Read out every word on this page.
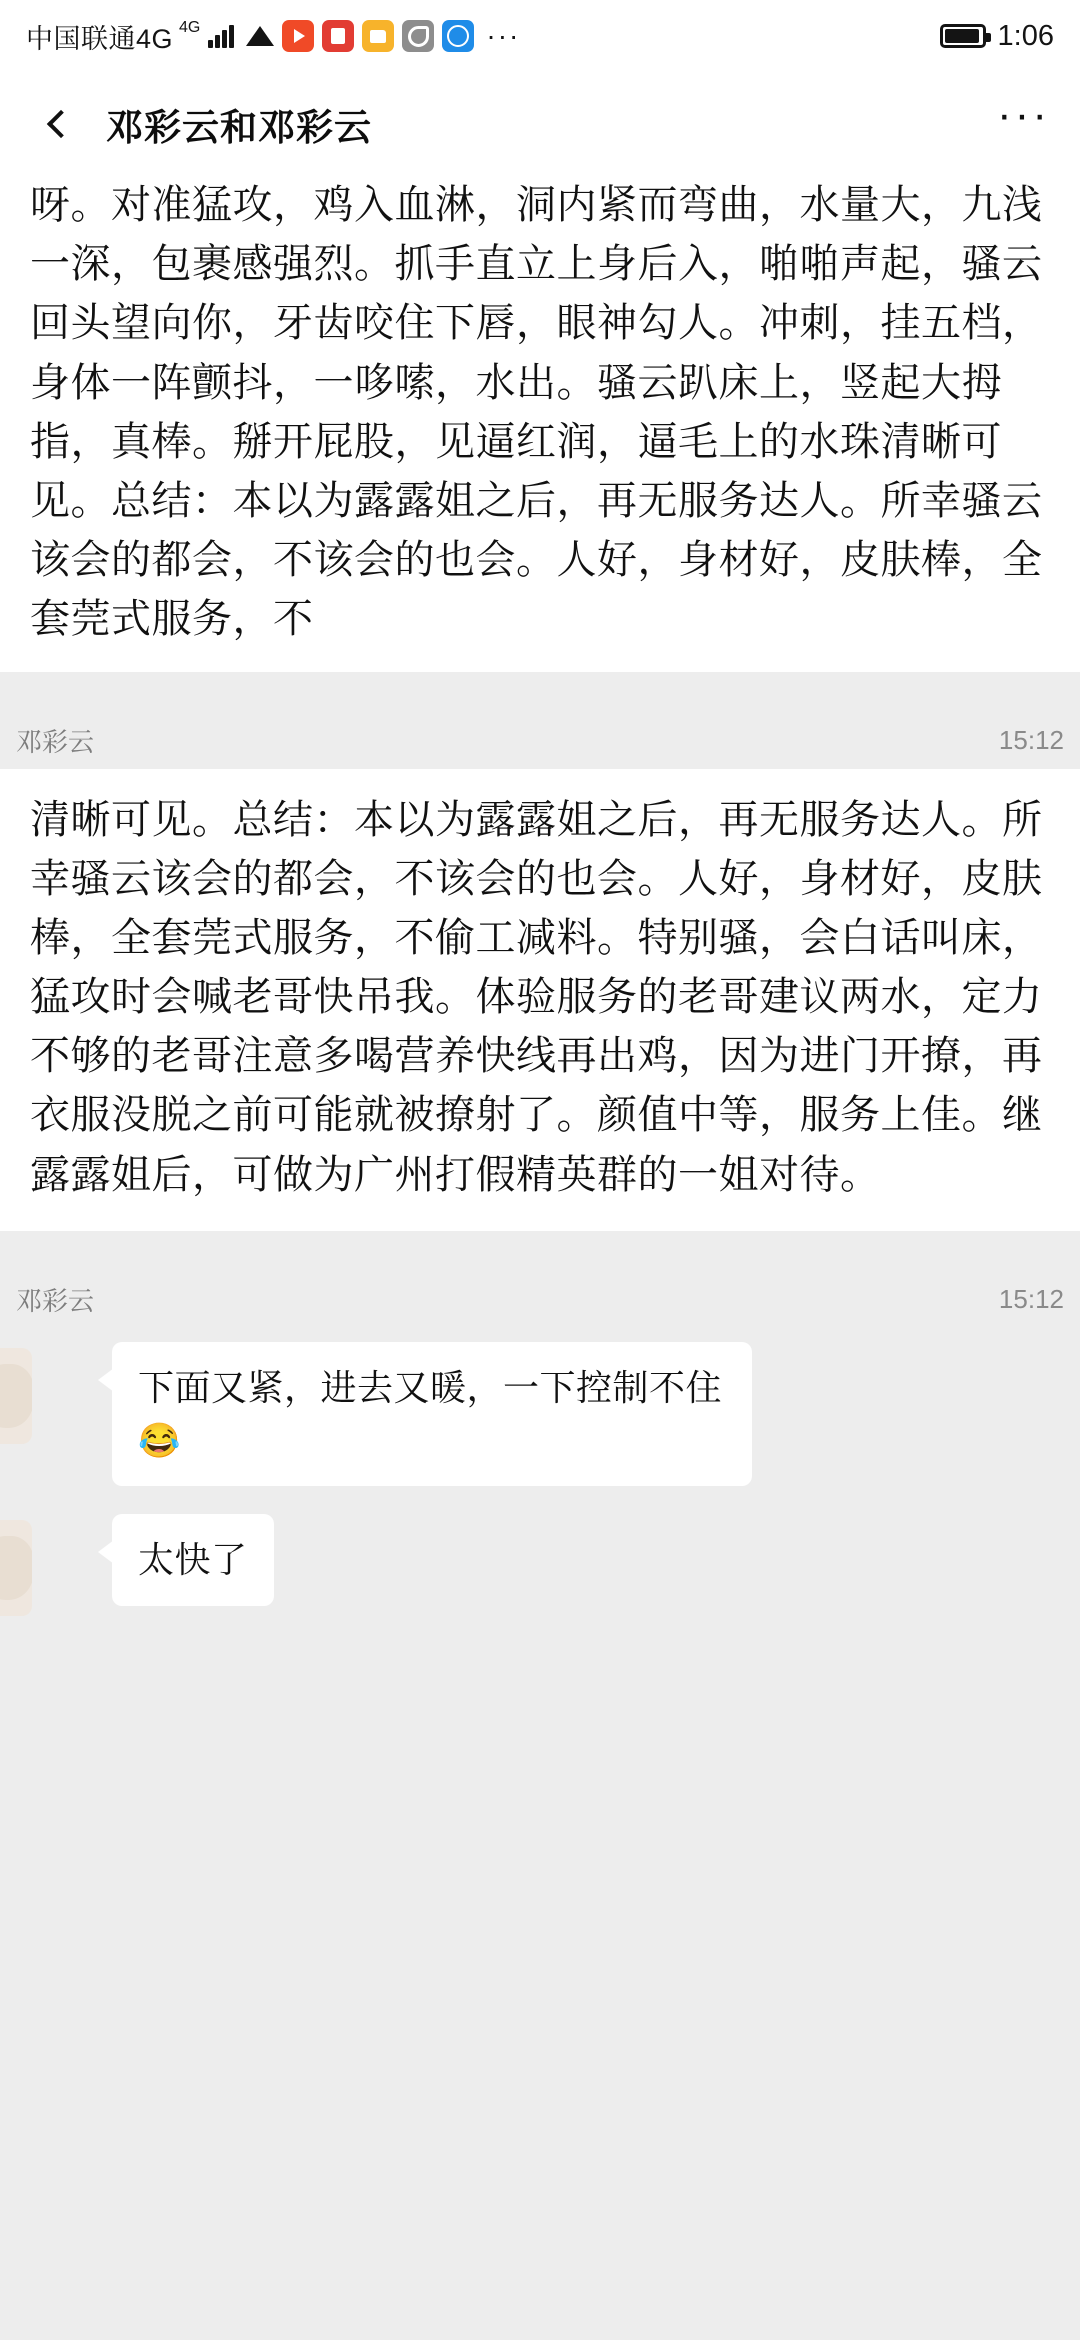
中国联通4G 4G	···	1:06
邓彩云和邓彩云	···
呀。对准猛攻，鸡入血淋，洞内紧而弯曲，水量大，九浅一深，包裹感强烈。抓手直立上身后入，啪啪声起，骚云回头望向你，牙齿咬住下唇，眼神勾人。冲刺，挂五档，身体一阵颤抖，一哆嗦，水出。骚云趴床上，竖起大拇指，真棒。掰开屁股，见逼红润，逼毛上的水珠清晰可见。总结：本以为露露姐之后，再无服务达人。所幸骚云该会的都会，不该会的也会。人好，身材好，皮肤棒，全套莞式服务，不
邓彩云	15:12
清晰可见。总结：本以为露露姐之后，再无服务达人。所幸骚云该会的都会，不该会的也会。人好，身材好，皮肤棒，全套莞式服务，不偷工减料。特别骚，会白话叫床，猛攻时会喊老哥快吊我。体验服务的老哥建议两水，定力不够的老哥注意多喝营养快线再出鸡，因为进门开撩，再衣服没脱之前可能就被撩射了。颜值中等，服务上佳。继露露姐后，可做为广州打假精英群的一姐对待。
邓彩云	15:12
下面又紧，进去又暖，一下控制不住😂
太快了
